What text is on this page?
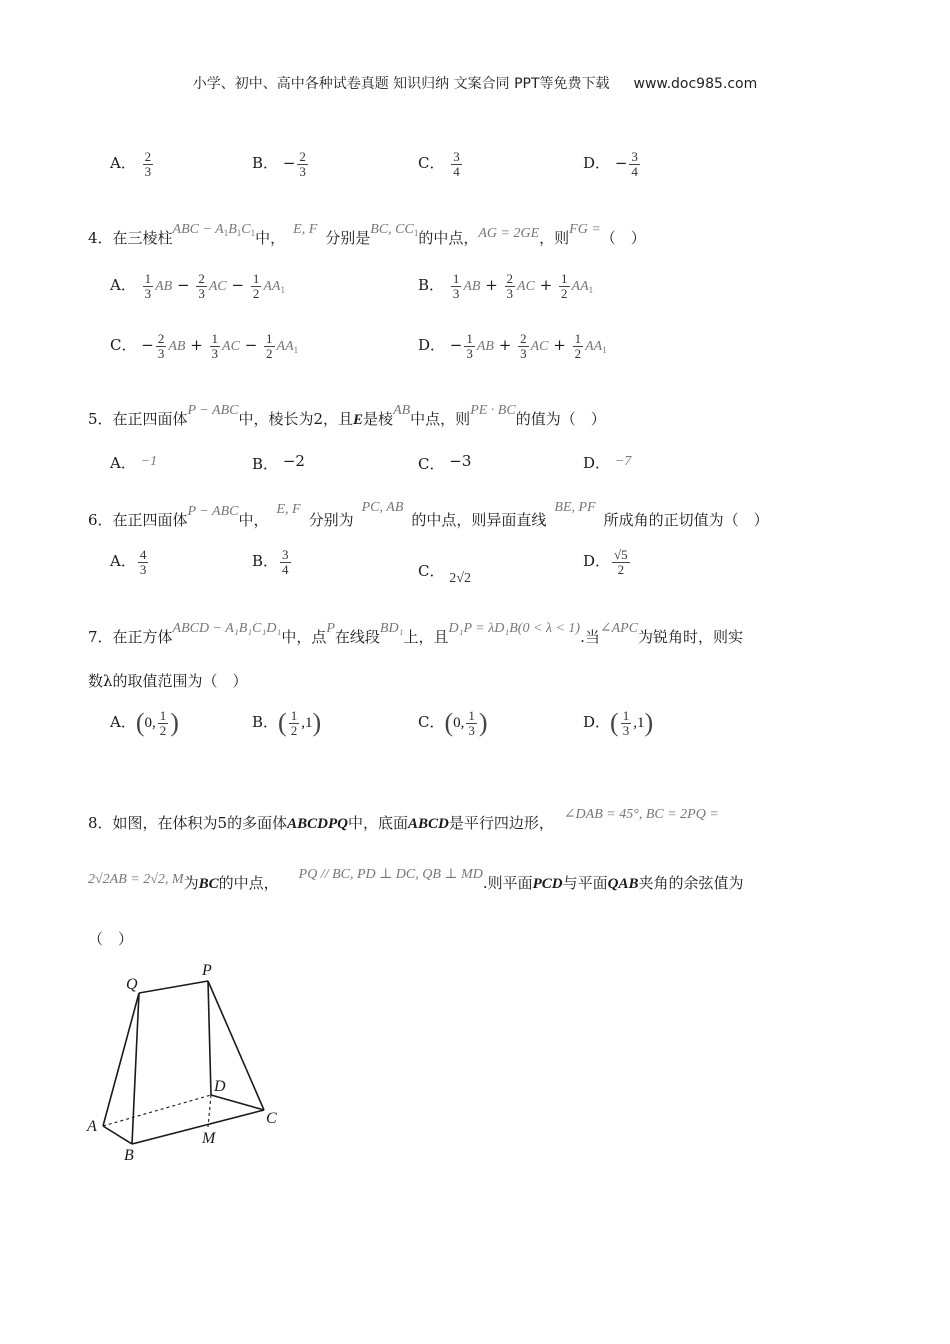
小学、初中、高中各种试卷真题 知识归纳 文案合同 PPT等免费下载 www.doc985.com
A． $\frac{2}{3}$	B． − $\frac{2}{3}$	C． $\frac{3}{4}$	D． − $\frac{3}{4}$
4．在三棱柱ABC − $A_1B_1C_1$中， E, F 分别是BC, $CC_1$的中点，AG = 2GE，则FG =（　）
A． $\frac{1}{3}$ AB − $\frac{2}{3}$ AC − $\frac{1}{2} AA_1$	B． $\frac{1}{3}$ AB + $\frac{2}{3}$ AC + $\frac{1}{2} AA_1$
C． − $\frac{2}{3}$ AB + $\frac{1}{3}$ AC − $\frac{1}{2} AA_1$	D． − $\frac{1}{3}$ AB + $\frac{2}{3}$ AC + $\frac{1}{2} AA_1$
5．在正四面体P − ABC中，棱长为2，且E是棱AB中点，则PE · BC的值为（　）
A． −1	B． −2	C． −3	D． −7
6．在正四面体P − ABC中，E, F分别为PC, AB的中点，则异面直线BE, PF所成角的正切值为（　）
A． $\frac{4}{3}$	B． $\frac{3}{4}$	C． 2√2
D． $\frac{√5}{2}$
7．在正方体ABCD − A₁B₁C₁D₁中，点P在线段BD₁上，且D₁P = λD₁B(0 < λ < 1).当∠APC为锐角时，则实
数λ的取值范围为（　）
A．(0, $\frac{1}{2}$ )	B．( $\frac{1}{2} ,1$)	C．(0, $\frac{1}{3}$ )	D．( $\frac{1}{3} ,1$)
8．如图，在体积为5的多面体ABCDPQ中，底面ABCD是平行四边形， ∠DAB = 45°, BC = 2PQ =
2√2AB = 2√2, M为BC的中点， PQ // BC, PD ⊥ DC, QB ⊥ MD.则平面PCD与平面QAB夹角的余弦值为
（　）
Q
P
D
A
B
M
C
